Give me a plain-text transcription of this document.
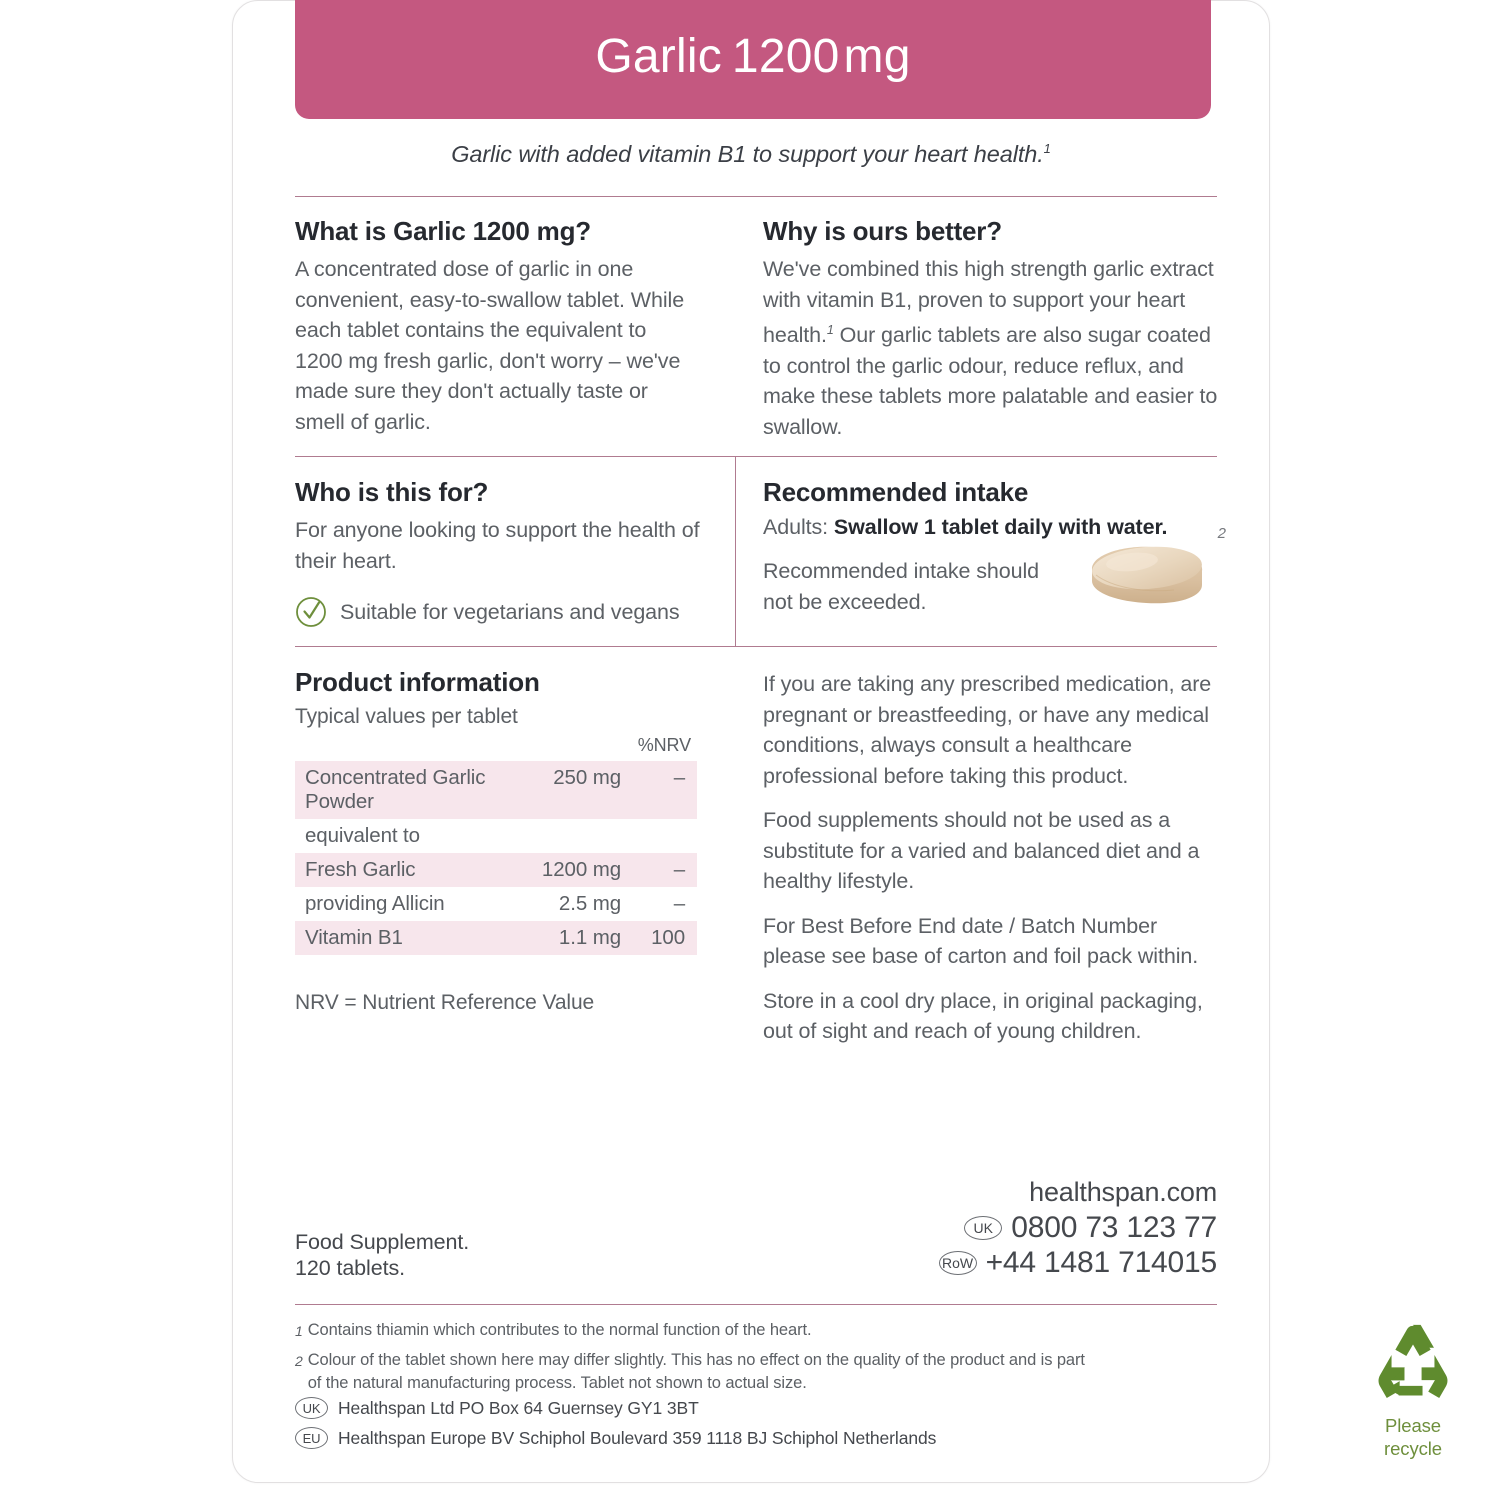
Garlic 1200mg
Garlic with added vitamin B1 to support your heart health.$^1$
What is Garlic 1200 mg?

A concentrated dose of garlic in one convenient, easy-to-swallow tablet. While each tablet contains the equivalent to 1200 mg fresh garlic, don't worry – we've made sure they don't actually taste or smell of garlic.

Why is ours better?

We've combined this high strength garlic extract with vitamin B1, proven to support your heart health.$^1$ Our garlic tablets are also sugar coated to control the garlic odour, reduce reflux, and make these tablets more palatable and easier to swallow.

Who is this for?

For anyone looking to support the health of their heart.

Suitable for vegetarians and vegans
Recommended intake
Adults: Swallow 1 tablet daily with water.

Recommended intake should not be exceeded.

2
Product information
Typical values per tablet
		%NRV
Concentrated Garlic Powder	250 mg	–
equivalent to		
Fresh Garlic	1200 mg	–
providing Allicin	2.5 mg	–
Vitamin B1	1.1 mg	100
NRV = Nutrient Reference Value

If you are taking any prescribed medication, are pregnant or breastfeeding, or have any medical conditions, always consult a healthcare professional before taking this product.

Food supplements should not be used as a substitute for a varied and balanced diet and a healthy lifestyle.

For Best Before End date / Batch Number please see base of carton and foil pack within.

Store in a cool dry place, in original packaging, out of sight and reach of young children.

Food Supplement.
120 tablets.
healthspan.com
UK 0800 73 123 77
RoW +44 1481 714015
1 Contains thiamin which contributes to the normal function of the heart.
2 Colour of the tablet shown here may differ slightly. This has no effect on the quality of the product and is part of the natural manufacturing process. Tablet not shown to actual size.
UK	Healthspan Ltd PO Box 64 Guernsey GY1 3BT
EU	Healthspan Europe BV Schiphol Boulevard 359 1118 BJ Schiphol Netherlands
Please
recycle
